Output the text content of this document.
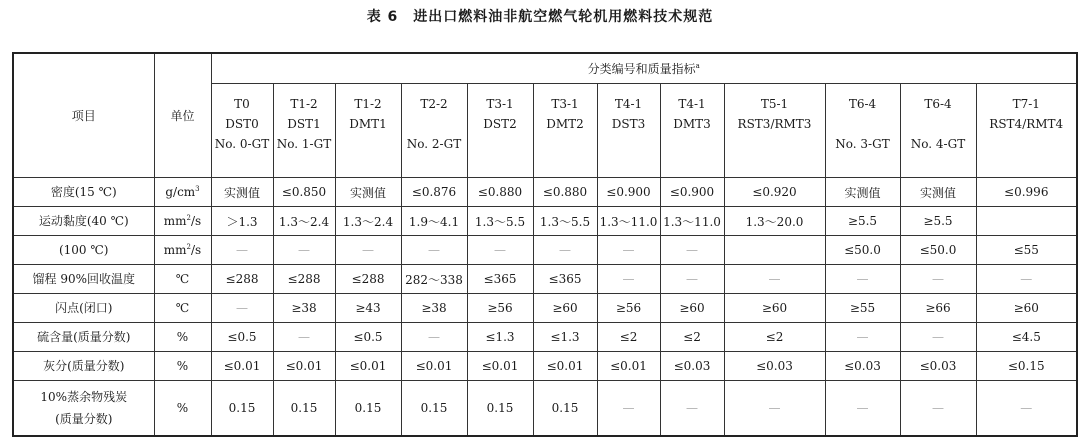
表 6　进出口燃料油非航空燃气轮机用燃料技术规范
项目	单位	分类编号和质量指标$^a$

		T0
DST0
No. 0-GT	T1-2
DST1
No. 1-GT	T1-2
DMT1	T2-2
No. 2-GT	T3-1
DST2	T3-1
DMT2	T4-1
DST3	T4-1
DMT3	T5-1
RST3/RMT3	T6-4
No. 3-GT	T6-4
No. 4-GT	T7-1
RST4/RMT4

密度(15 ℃)	$g/cm^3$	实测值	≤0.850	实测值	≤0.876	≤0.880	≤0.880	≤0.900	≤0.900	≤0.920	实测值	实测值	≤0.996

运动黏度(40 ℃)	$mm^2/s$	＞1.3	1.3～2.4	1.3～2.4	1.9～4.1	1.3～5.5	1.3～5.5	1.3～11.0	1.3～11.0	1.3～20.0	≥5.5	≥5.5	

(100 ℃)	$mm^2/s$	—	—	—	—	—	—	—	—		≤50.0	≤50.0	≤55

馏程 90%回收温度	℃	≤288	≤288	≤288	282～338	≤365	≤365	—	—	—	—	—	—

闪点(闭口)	℃	—	≥38	≥43	≥38	≥56	≥60	≥56	≥60	≥60	≥55	≥66	≥60

硫含量(质量分数)	%	≤0.5	—	≤0.5	—	≤1.3	≤1.3	≤2	≤2	≤2	—	—	≤4.5

灰分(质量分数)	%	≤0.01	≤0.01	≤0.01	≤0.01	≤0.01	≤0.01	≤0.01	≤0.03	≤0.03	≤0.03	≤0.03	≤0.15

10%蒸余物残炭
(质量分数)	%	0.15	0.15	0.15	0.15	0.15	0.15	—	—	—	—	—	—
